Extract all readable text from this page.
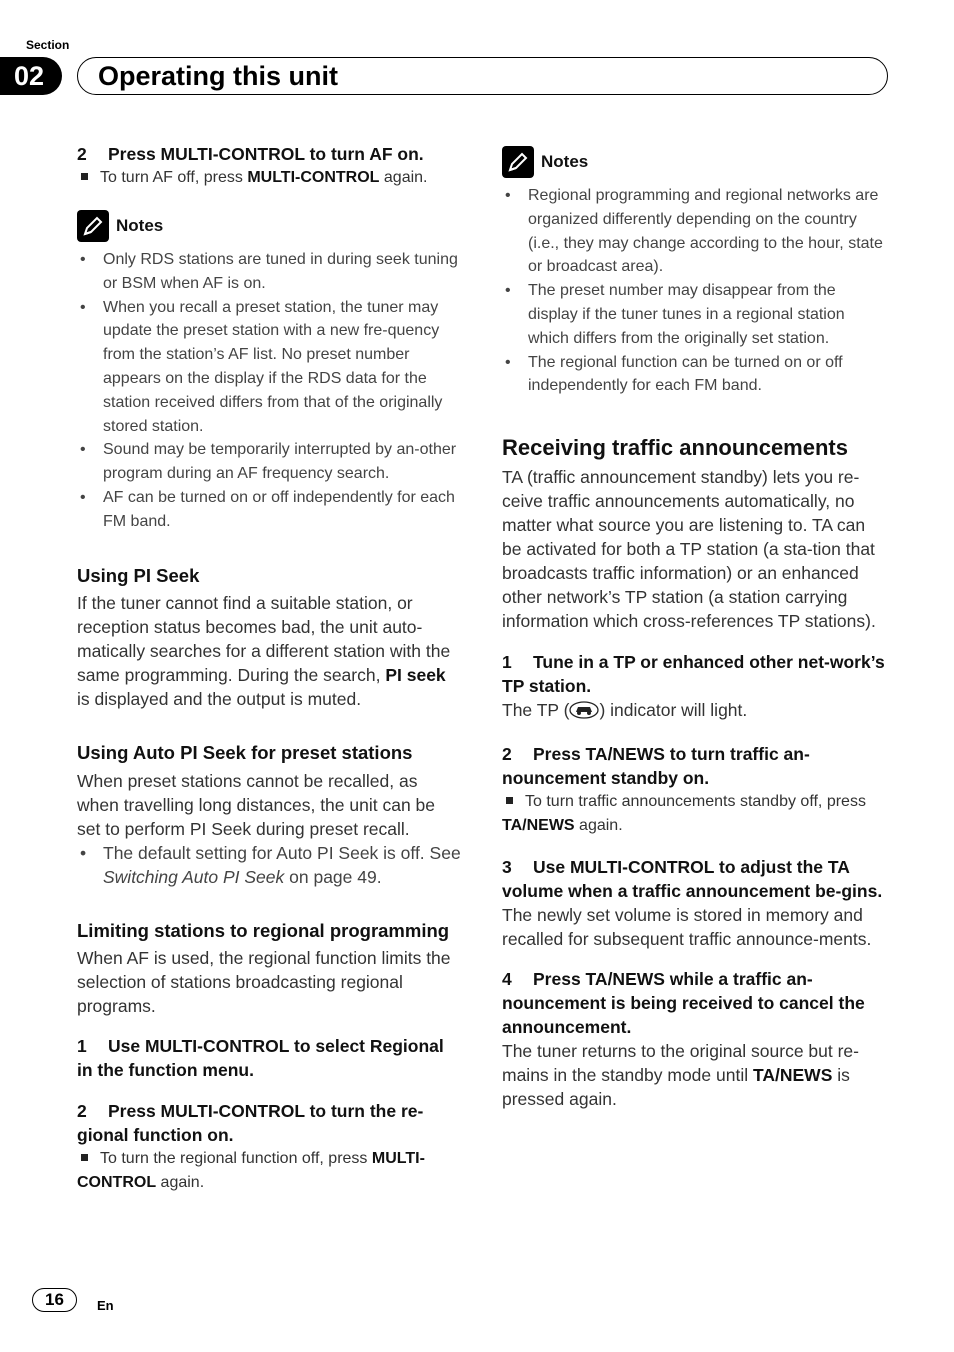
Section
02	Operating this unit

2 Press MULTI-CONTROL to turn AF on.

To turn AF off, press MULTI-CONTROL again.

Notes
• Only RDS stations are tuned in during seek tuning or BSM when AF is on.
• When you recall a preset station, the tuner may update the preset station with a new fre-quency from the station’s AF list. No preset number appears on the display if the RDS data for the station received differs from that of the originally stored station.
• Sound may be temporarily interrupted by an-other program during an AF frequency search.
• AF can be turned on or off independently for each FM band.

Using PI Seek

If the tuner cannot find a suitable station, or reception status becomes bad, the unit auto-matically searches for a different station with the same programming. During the search, PI seek is displayed and the output is muted.

Using Auto PI Seek for preset stations

When preset stations cannot be recalled, as when travelling long distances, the unit can be set to perform PI Seek during preset recall.

• The default setting for Auto PI Seek is off. See Switching Auto PI Seek on page 49.

Limiting stations to regional programming

When AF is used, the regional function limits the selection of stations broadcasting regional programs.

1 Use MULTI-CONTROL to select Regional in the function menu.

2 Press MULTI-CONTROL to turn the re-gional function on.

To turn the regional function off, press MULTI-CONTROL again.

Notes
• Regional programming and regional networks are organized differently depending on the country (i.e., they may change according to the hour, state or broadcast area).
• The preset number may disappear from the display if the tuner tunes in a regional station which differs from the originally set station.
• The regional function can be turned on or off independently for each FM band.

Receiving traffic announcements

TA (traffic announcement standby) lets you re-ceive traffic announcements automatically, no matter what source you are listening to. TA can be activated for both a TP station (a sta-tion that broadcasts traffic information) or an enhanced other network’s TP station (a station carrying information which cross-references TP stations).

1 Tune in a TP or enhanced other net-work’s TP station.

The TP ( ) indicator will light.

2 Press TA/NEWS to turn traffic an-nouncement standby on.

To turn traffic announcements standby off, press TA/NEWS again.

3 Use MULTI-CONTROL to adjust the TA volume when a traffic announcement be-gins.

The newly set volume is stored in memory and recalled for subsequent traffic announce-ments.

4 Press TA/NEWS while a traffic an-nouncement is being received to cancel the announcement.

The tuner returns to the original source but re-mains in the standby mode until TA/NEWS is pressed again.

16	En
